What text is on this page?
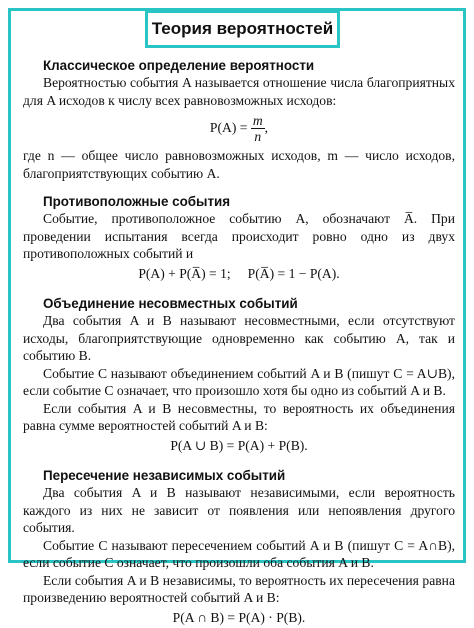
Теория вероятностей
Классическое определение вероятности

Вероятностью события A называется отношение числа благоприятных для A исходов к числу всех равновозможных исходов:

P(A) =
$\frac{m}{n}$ ,

где n — общее число равновозможных исходов, m — число исходов, благоприятствующих событию A.

Противоположные события

Событие, противоположное событию A, обозначают A̅. При проведении испытания всегда происходит ровно одно из двух противоположных событий и

P(A) + P(A̅) = 1;     P(A̅) = 1 − P(A).

Объединение несовместных событий

Два события A и B называют несовместными, если отсутствуют исходы, благоприятствующие одновременно как событию A, так и событию B.

Событие C называют объединением событий A и B (пишут C = A∪B), если событие C означает, что произошло хотя бы одно из событий A и B.

Если события A и B несовместны, то вероятность их объединения равна сумме вероятностей событий A и B:

P(A ∪ B) = P(A) + P(B).

Пересечение независимых событий

Два события A и B называют независимыми, если вероятность каждого из них не зависит от появления или непоявления другого события.

Событие C называют пересечением событий A и B (пишут C = A∩B), если событие C означает, что произошли оба события A и B.

Если события A и B независимы, то вероятность их пересечения равна произведению вероятностей событий A и B:

P(A ∩ B) = P(A) · P(B).
